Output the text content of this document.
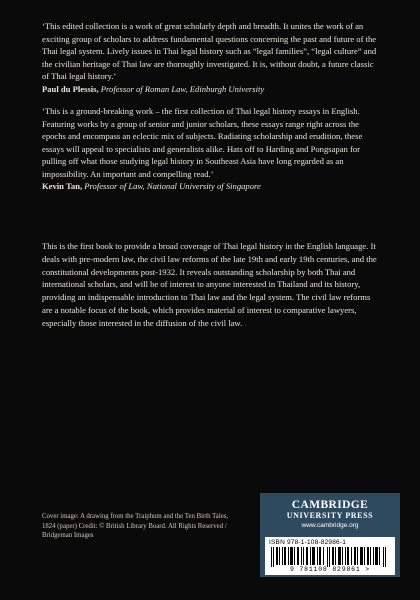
‘This edited collection is a work of great scholarly depth and breadth. It unites the work of an exciting group of scholars to address fundamental questions concerning the past and future of the Thai legal system. Lively issues in Thai legal history such as “legal families”, “legal culture” and the civilian heritage of Thai law are thoroughly investigated. It is, without doubt, a future classic of Thai legal history.’

Paul du Plessis, Professor of Roman Law, Edinburgh University

‘This is a ground-breaking work – the first collection of Thai legal history essays in English. Featuring works by a group of senior and junior scholars, these essays range right across the epochs and encompass an eclectic mix of subjects. Radiating scholarship and erudition, these essays will appeal to specialists and generalists alike. Hats off to Harding and Pongsapan for pulling off what those studying legal history in Southeast Asia have long regarded as an impossibility. An important and compelling read.’

Kevin Tan, Professor of Law, National University of Singapore

This is the first book to provide a broad coverage of Thai legal history in the English language. It deals with pre-modern law, the civil law reforms of the late 19th and early 19th centuries, and the constitutional developments post-1932. It reveals outstanding scholarship by both Thai and international scholars, and will be of interest to anyone interested in Thailand and its history, providing an indispensable introduction to Thai law and the legal system. The civil law reforms are a notable focus of the book, which provides material of interest to comparative lawyers, especially those interested in the diffusion of the civil law.

Cover image: A drawing from the Traiphum and the Ten Birth Tales, 1824 (paper) Credit: © British Library Board. All Rights Reserved / Bridgeman Images

CAMBRIDGE
UNIVERSITY PRESS
www.cambridge.org
ISBN 978-1-108-82986-1
9 781108 829861 >
